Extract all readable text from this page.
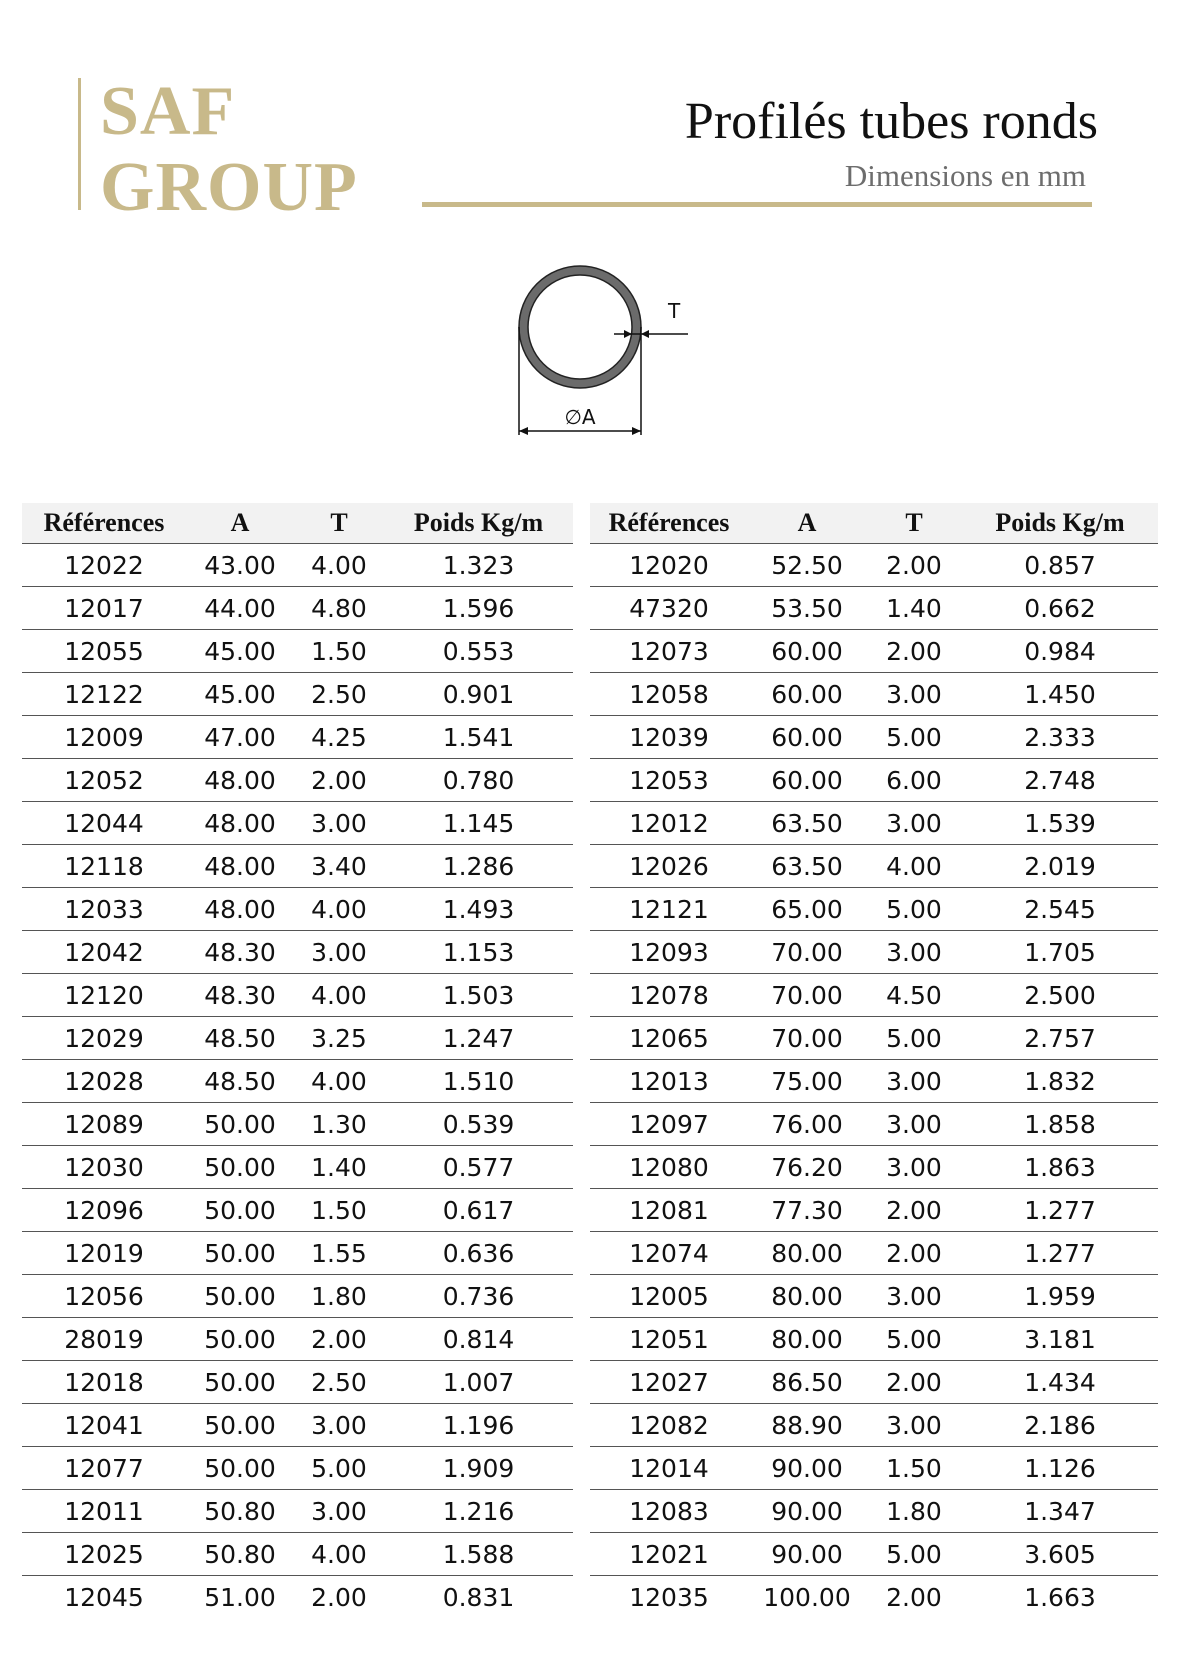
SAF
GROUP
Profilés tubes ronds
Dimensions en mm
T
∅A
Références	A	T	Poids Kg/m
12022	43.00	4.00	1.323
12017	44.00	4.80	1.596
12055	45.00	1.50	0.553
12122	45.00	2.50	0.901
12009	47.00	4.25	1.541
12052	48.00	2.00	0.780
12044	48.00	3.00	1.145
12118	48.00	3.40	1.286
12033	48.00	4.00	1.493
12042	48.30	3.00	1.153
12120	48.30	4.00	1.503
12029	48.50	3.25	1.247
12028	48.50	4.00	1.510
12089	50.00	1.30	0.539
12030	50.00	1.40	0.577
12096	50.00	1.50	0.617
12019	50.00	1.55	0.636
12056	50.00	1.80	0.736
28019	50.00	2.00	0.814
12018	50.00	2.50	1.007
12041	50.00	3.00	1.196
12077	50.00	5.00	1.909
12011	50.80	3.00	1.216
12025	50.80	4.00	1.588
12045	51.00	2.00	0.831
Références	A	T	Poids Kg/m
12020	52.50	2.00	0.857
47320	53.50	1.40	0.662
12073	60.00	2.00	0.984
12058	60.00	3.00	1.450
12039	60.00	5.00	2.333
12053	60.00	6.00	2.748
12012	63.50	3.00	1.539
12026	63.50	4.00	2.019
12121	65.00	5.00	2.545
12093	70.00	3.00	1.705
12078	70.00	4.50	2.500
12065	70.00	5.00	2.757
12013	75.00	3.00	1.832
12097	76.00	3.00	1.858
12080	76.20	3.00	1.863
12081	77.30	2.00	1.277
12074	80.00	2.00	1.277
12005	80.00	3.00	1.959
12051	80.00	5.00	3.181
12027	86.50	2.00	1.434
12082	88.90	3.00	2.186
12014	90.00	1.50	1.126
12083	90.00	1.80	1.347
12021	90.00	5.00	3.605
12035	100.00	2.00	1.663
